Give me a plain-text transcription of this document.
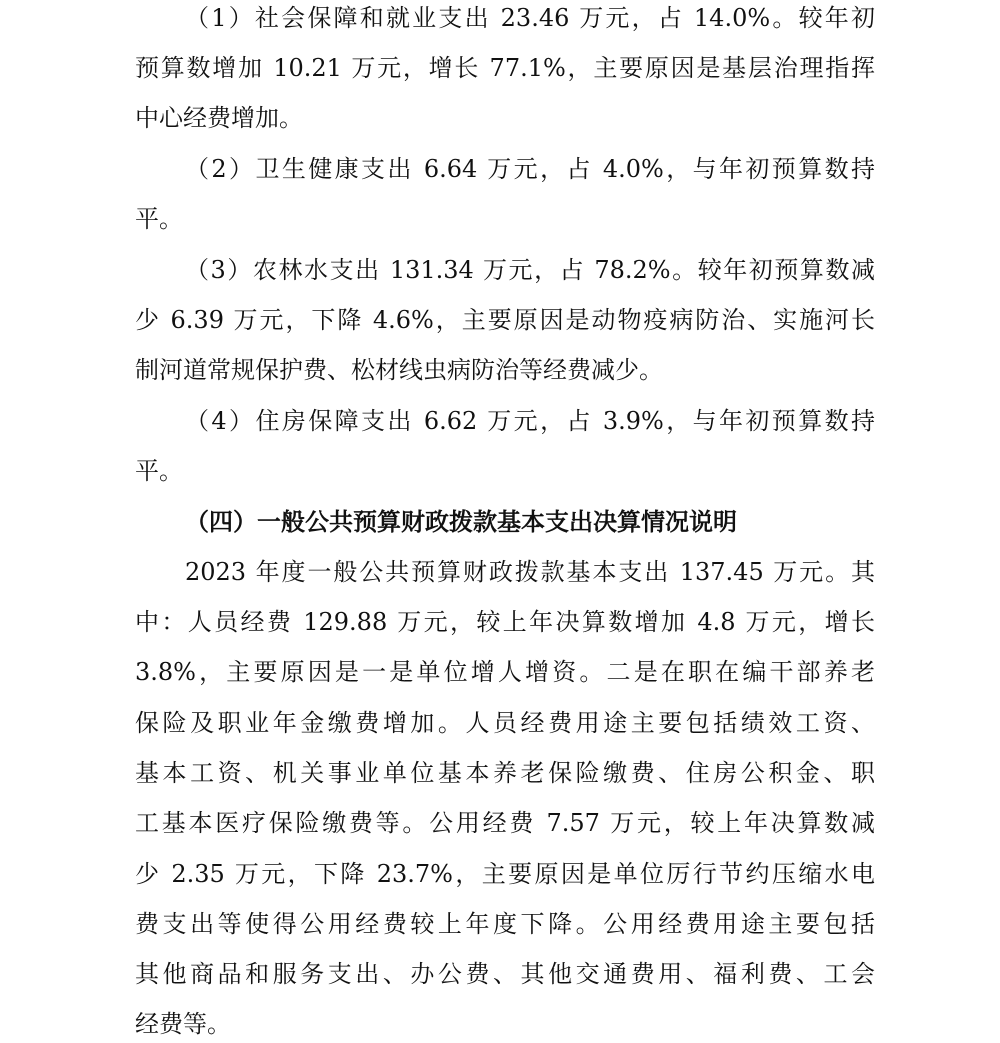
（1）社会保障和就业支出 23.46 万元，占 14.0%。较年初

预算数增加 10.21 万元，增长 77.1%，主要原因是基层治理指挥

中心经费增加。

（2）卫生健康支出 6.64 万元，占 4.0%，与年初预算数持

平。

（3）农林水支出 131.34 万元，占 78.2%。较年初预算数减

少 6.39 万元，下降 4.6%，主要原因是动物疫病防治、实施河长

制河道常规保护费、松材线虫病防治等经费减少。

（4）住房保障支出 6.62 万元，占 3.9%，与年初预算数持

平。

（四）一般公共预算财政拨款基本支出决算情况说明

2023 年度一般公共预算财政拨款基本支出 137.45 万元。其

中：人员经费 129.88 万元，较上年决算数增加 4.8 万元，增长

3.8%，主要原因是一是单位增人增资。二是在职在编干部养老

保险及职业年金缴费增加。人员经费用途主要包括绩效工资、

基本工资、机关事业单位基本养老保险缴费、住房公积金、职

工基本医疗保险缴费等。公用经费 7.57 万元，较上年决算数减

少 2.35 万元，下降 23.7%，主要原因是单位厉行节约压缩水电

费支出等使得公用经费较上年度下降。公用经费用途主要包括

其他商品和服务支出、办公费、其他交通费用、福利费、工会

经费等。
